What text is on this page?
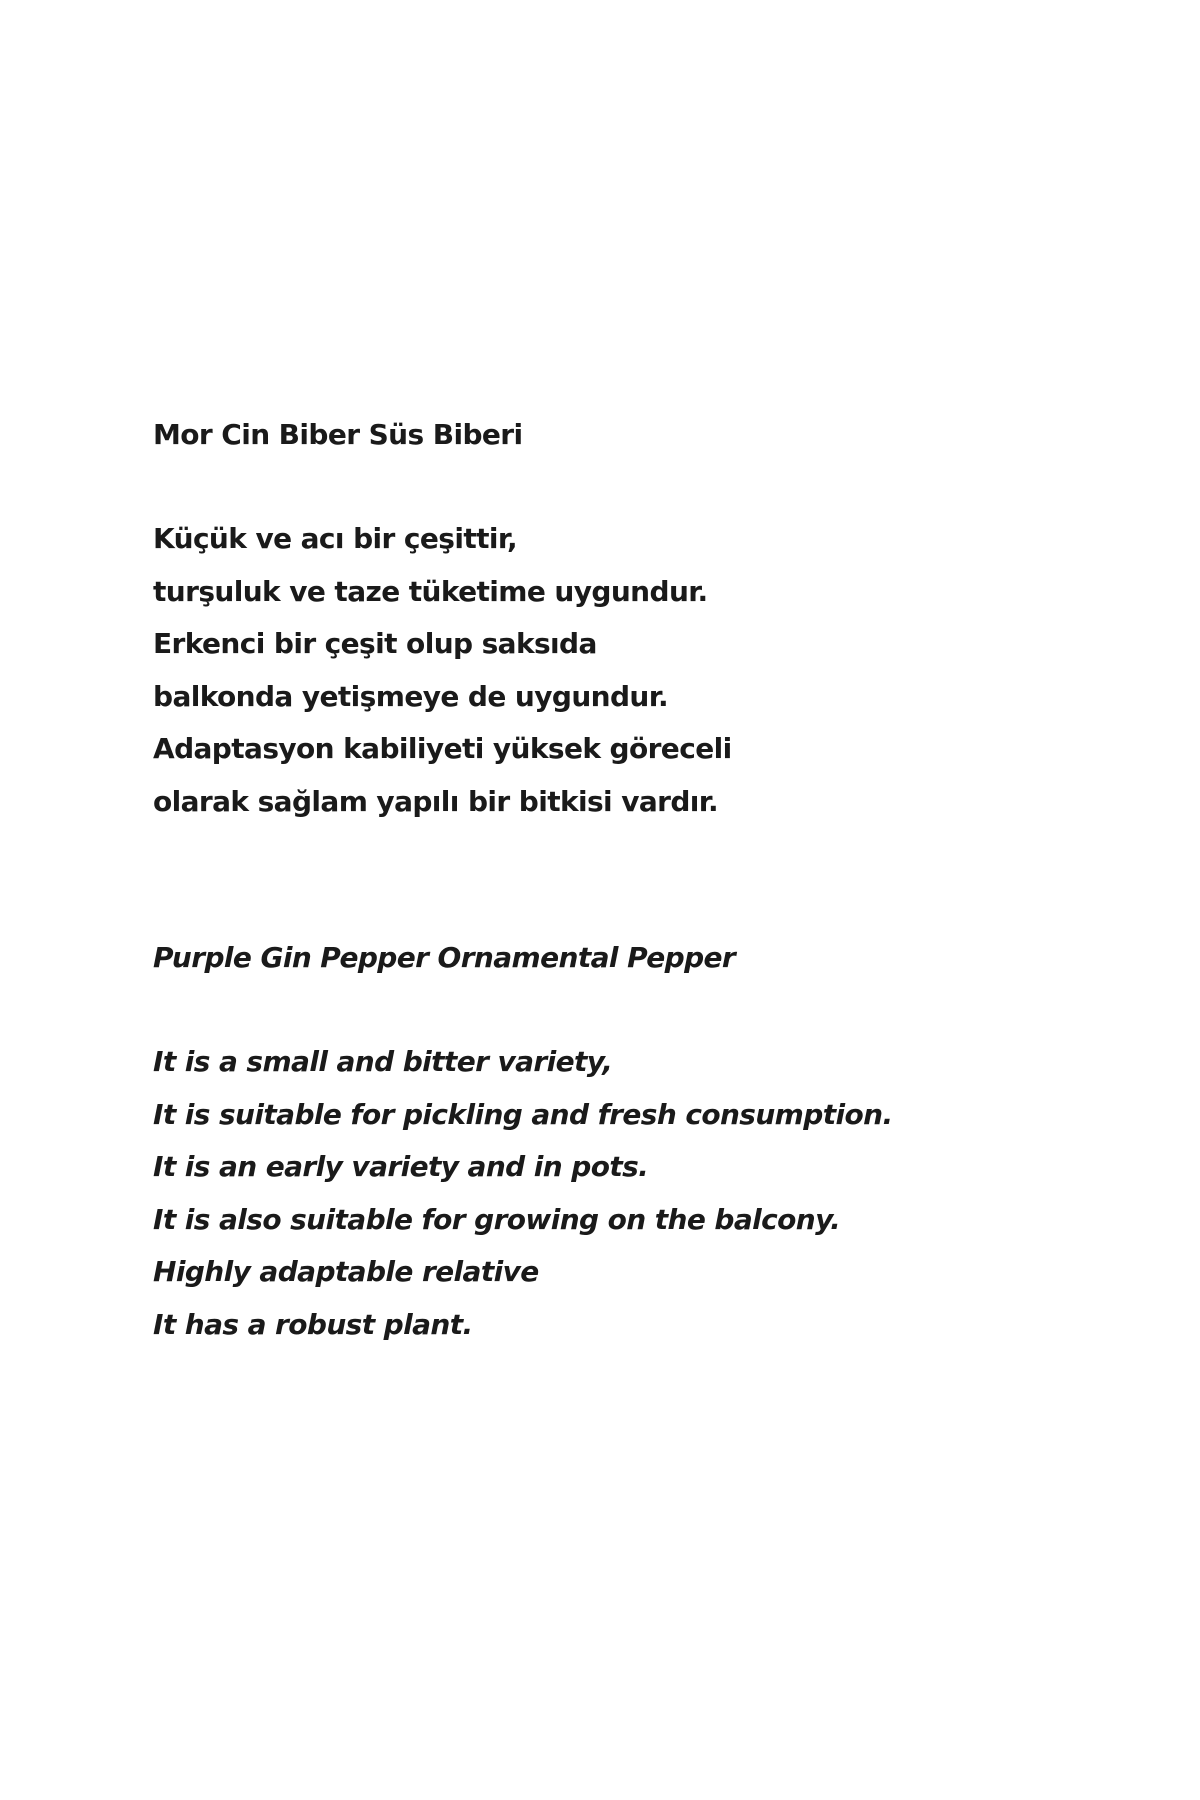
Mor Cin Biber Süs Biberi

Küçük ve acı bir çeşittir,

turşuluk ve taze tüketime uygundur.

Erkenci bir çeşit olup saksıda

balkonda yetişmeye de uygundur.

Adaptasyon kabiliyeti yüksek göreceli

olarak sağlam yapılı bir bitkisi vardır.

Purple Gin Pepper Ornamental Pepper

It is a small and bitter variety,

It is suitable for pickling and fresh consumption.

It is an early variety and in pots.

It is also suitable for growing on the balcony.

Highly adaptable relative

It has a robust plant.
